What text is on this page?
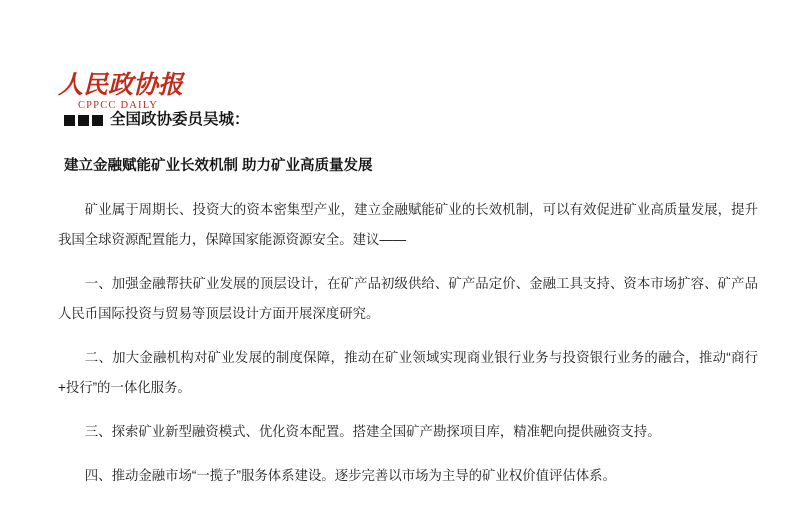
人民政协报
CPPCC DAILY

全国政协委员吴城：

建立金融赋能矿业长效机制 助力矿业高质量发展

矿业属于周期长、投资大的资本密集型产业，建立金融赋能矿业的长效机制，可以有效促进矿业高质量发展，提升我国全球资源配置能力，保障国家能源资源安全。建议——

一、加强金融帮扶矿业发展的顶层设计，在矿产品初级供给、矿产品定价、金融工具支持、资本市场扩容、矿产品人民币国际投资与贸易等顶层设计方面开展深度研究。

二、加大金融机构对矿业发展的制度保障，推动在矿业领域实现商业银行业务与投资银行业务的融合，推动“商行+投行”的一体化服务。

三、探索矿业新型融资模式、优化资本配置。搭建全国矿产勘探项目库，精准靶向提供融资支持。

四、推动金融市场“一揽子”服务体系建设。逐步完善以市场为主导的矿业权价值评估体系。
